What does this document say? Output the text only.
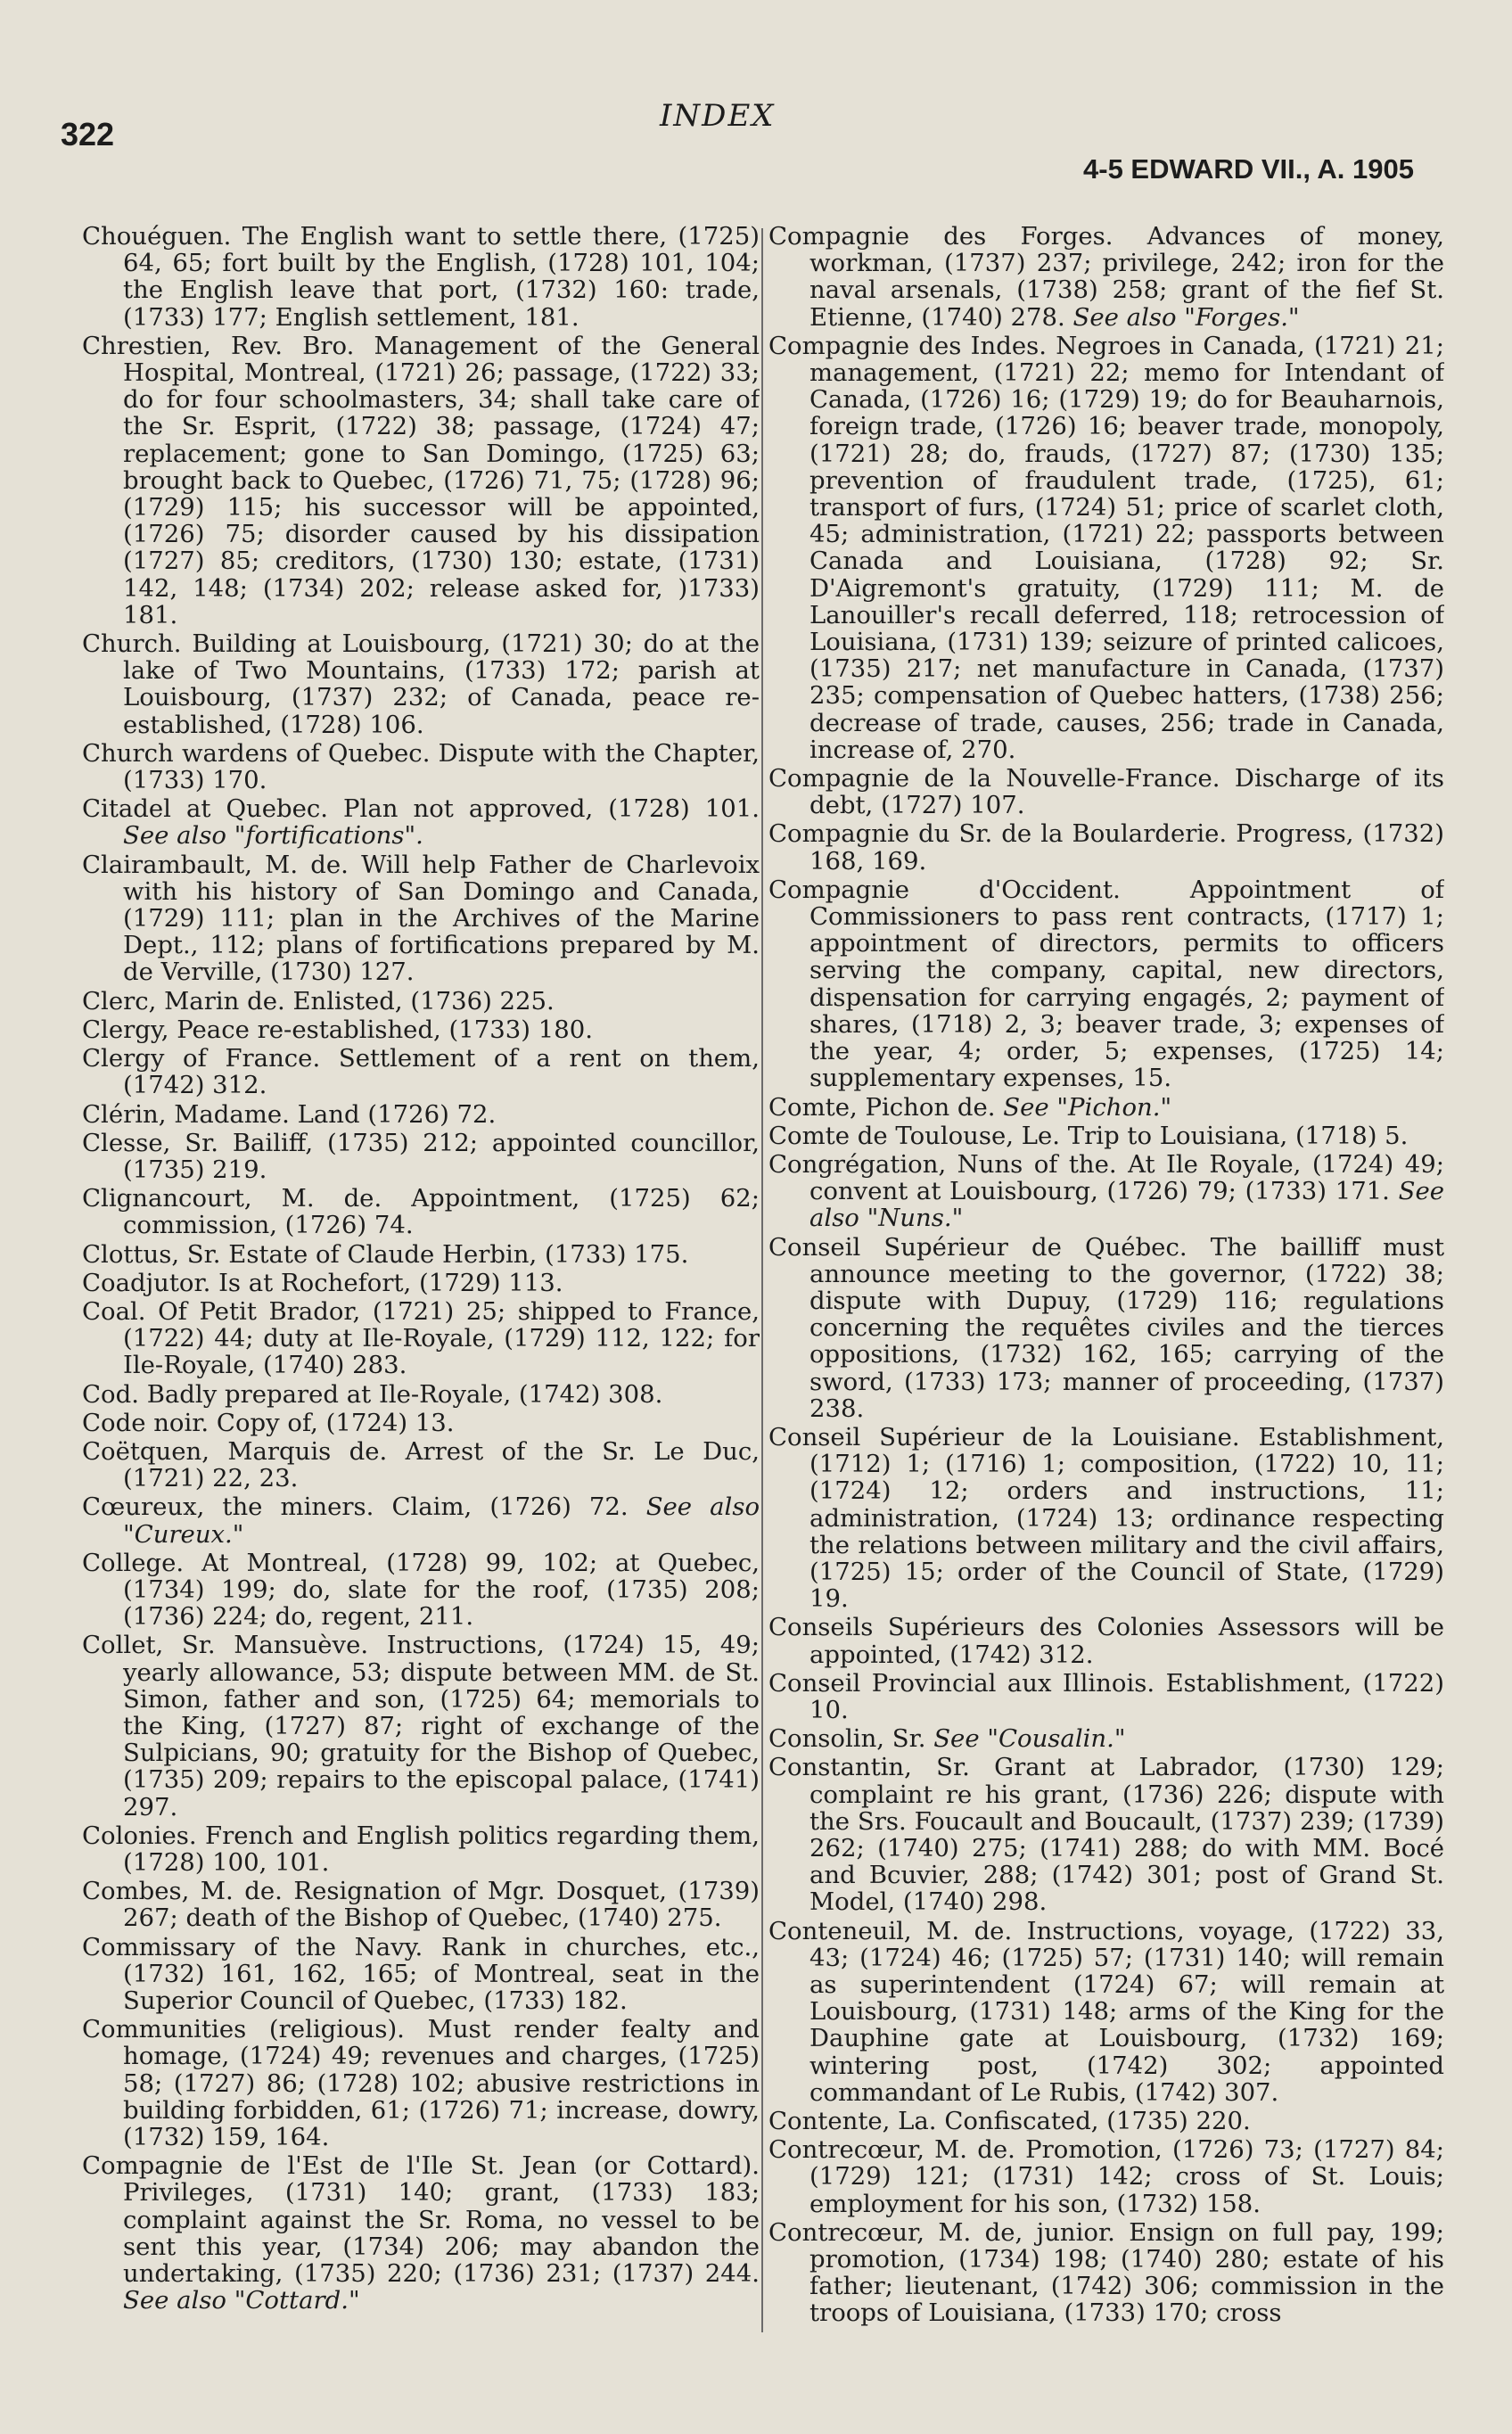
322	INDEX
4-5 EDWARD VII., A. 1905

Chouéguen. The English want to settle there, (1725) 64, 65; fort built by the English, (1728) 101, 104; the English leave that port, (1732) 160: trade, (1733) 177; English settlement, 181.

Chrestien, Rev. Bro. Management of the General Hospital, Montreal, (1721) 26; passage, (1722) 33; do for four schoolmasters, 34; shall take care of the Sr. Esprit, (1722) 38; passage, (1724) 47; replacement; gone to San Domingo, (1725) 63; brought back to Quebec, (1726) 71, 75; (1728) 96; (1729) 115; his successor will be appointed, (1726) 75; disorder caused by his dissipation (1727) 85; creditors, (1730) 130; estate, (1731) 142, 148; (1734) 202; release asked for, )1733) 181.

Church. Building at Louisbourg, (1721) 30; do at the lake of Two Mountains, (1733) 172; parish at Louisbourg, (1737) 232; of Canada, peace re-established, (1728) 106.

Church wardens of Quebec. Dispute with the Chapter, (1733) 170.

Citadel at Quebec. Plan not approved, (1728) 101. See also "fortifications".

Clairambault, M. de. Will help Father de Charlevoix with his history of San Domingo and Canada, (1729) 111; plan in the Archives of the Marine Dept., 112; plans of fortifications prepared by M. de Verville, (1730) 127.

Clerc, Marin de. Enlisted, (1736) 225.

Clergy, Peace re-established, (1733) 180.

Clergy of France. Settlement of a rent on them, (1742) 312.

Clérin, Madame. Land (1726) 72.

Clesse, Sr. Bailiff, (1735) 212; appointed councillor, (1735) 219.

Clignancourt, M. de. Appointment, (1725) 62; commission, (1726) 74.

Clottus, Sr. Estate of Claude Herbin, (1733) 175.

Coadjutor. Is at Rochefort, (1729) 113.

Coal. Of Petit Brador, (1721) 25; shipped to France, (1722) 44; duty at Ile-Royale, (1729) 112, 122; for Ile-Royale, (1740) 283.

Cod. Badly prepared at Ile-Royale, (1742) 308.

Code noir. Copy of, (1724) 13.

Coëtquen, Marquis de. Arrest of the Sr. Le Duc, (1721) 22, 23.

Cœureux, the miners. Claim, (1726) 72. See also "Cureux."

College. At Montreal, (1728) 99, 102; at Quebec, (1734) 199; do, slate for the roof, (1735) 208; (1736) 224; do, regent, 211.

Collet, Sr. Mansuève. Instructions, (1724) 15, 49; yearly allowance, 53; dispute between MM. de St. Simon, father and son, (1725) 64; memorials to the King, (1727) 87; right of exchange of the Sulpicians, 90; gratuity for the Bishop of Quebec, (1735) 209; repairs to the episcopal palace, (1741) 297.

Colonies. French and English politics regarding them, (1728) 100, 101.

Combes, M. de. Resignation of Mgr. Dosquet, (1739) 267; death of the Bishop of Quebec, (1740) 275.

Commissary of the Navy. Rank in churches, etc., (1732) 161, 162, 165; of Montreal, seat in the Superior Council of Quebec, (1733) 182.

Communities (religious). Must render fealty and homage, (1724) 49; revenues and charges, (1725) 58; (1727) 86; (1728) 102; abusive restrictions in building forbidden, 61; (1726) 71; increase, dowry, (1732) 159, 164.

Compagnie de l'Est de l'Ile St. Jean (or Cottard). Privileges, (1731) 140; grant, (1733) 183; complaint against the Sr. Roma, no vessel to be sent this year, (1734) 206; may abandon the undertaking, (1735) 220; (1736) 231; (1737) 244. See also "Cottard."

Compagnie des Forges. Advances of money, workman, (1737) 237; privilege, 242; iron for the naval arsenals, (1738) 258; grant of the fief St. Etienne, (1740) 278. See also "Forges."

Compagnie des Indes. Negroes in Canada, (1721) 21; management, (1721) 22; memo for Intendant of Canada, (1726) 16; (1729) 19; do for Beauharnois, foreign trade, (1726) 16; beaver trade, monopoly, (1721) 28; do, frauds, (1727) 87; (1730) 135; prevention of fraudulent trade, (1725), 61; transport of furs, (1724) 51; price of scarlet cloth, 45; administration, (1721) 22; passports between Canada and Louisiana, (1728) 92; Sr. D'Aigremont's gratuity, (1729) 111; M. de Lanouiller's recall deferred, 118; retrocession of Louisiana, (1731) 139; seizure of printed calicoes, (1735) 217; net manufacture in Canada, (1737) 235; compensation of Quebec hatters, (1738) 256; decrease of trade, causes, 256; trade in Canada, increase of, 270.

Compagnie de la Nouvelle-France. Discharge of its debt, (1727) 107.

Compagnie du Sr. de la Boularderie. Progress, (1732) 168, 169.

Compagnie d'Occident.	Appointment of Commissioners to pass rent contracts, (1717) 1; appointment of directors, permits to officers serving the company, capital, new directors, dispensation for carrying engagés, 2; payment of shares, (1718) 2, 3; beaver trade, 3; expenses of the year, 4; order, 5; expenses, (1725) 14; supplementary expenses, 15.

Comte, Pichon de. See "Pichon."

Comte de Toulouse, Le. Trip to Louisiana, (1718) 5.

Congrégation, Nuns of the. At Ile Royale, (1724) 49; convent at Louisbourg, (1726) 79; (1733) 171. See also "Nuns."

Conseil Supérieur de Québec. The bailliff must announce meeting to the governor, (1722) 38; dispute with Dupuy, (1729) 116; regulations concerning the requêtes civiles and the tierces oppositions, (1732) 162, 165; carrying of the sword, (1733) 173; manner of proceeding, (1737) 238.

Conseil Supérieur de la Louisiane. Establishment, (1712) 1; (1716) 1; composition, (1722) 10, 11; (1724) 12; orders and instructions, 11; administration, (1724) 13; ordinance respecting the relations between military and the civil affairs, (1725) 15; order of the Council of State, (1729) 19.

Conseils Supérieurs des Colonies Assessors will be appointed, (1742) 312.

Conseil Provincial aux Illinois. Establishment, (1722) 10.

Consolin, Sr. See "Cousalin."

Constantin, Sr. Grant at Labrador, (1730) 129; complaint re his grant, (1736) 226; dispute with the Srs. Foucault and Boucault, (1737) 239; (1739) 262; (1740) 275; (1741) 288; do with MM. Bocé and Bcuvier, 288; (1742) 301; post of Grand St. Model, (1740) 298.

Conteneuil, M. de. Instructions, voyage, (1722) 33, 43; (1724) 46; (1725) 57; (1731) 140; will remain as superintendent (1724) 67; will remain at Louisbourg, (1731) 148; arms of the King for the Dauphine gate at Louisbourg, (1732) 169; wintering post, (1742) 302; appointed commandant of Le Rubis, (1742) 307.

Contente, La. Confiscated, (1735) 220.

Contrecœur, M. de. Promotion, (1726) 73; (1727) 84; (1729) 121; (1731) 142; cross of St. Louis; employment for his son, (1732) 158.

Contrecœur, M. de, junior. Ensign on full pay, 199; promotion, (1734) 198; (1740) 280; estate of his father; lieutenant, (1742) 306; commission in the troops of Louisiana, (1733) 170; cross
